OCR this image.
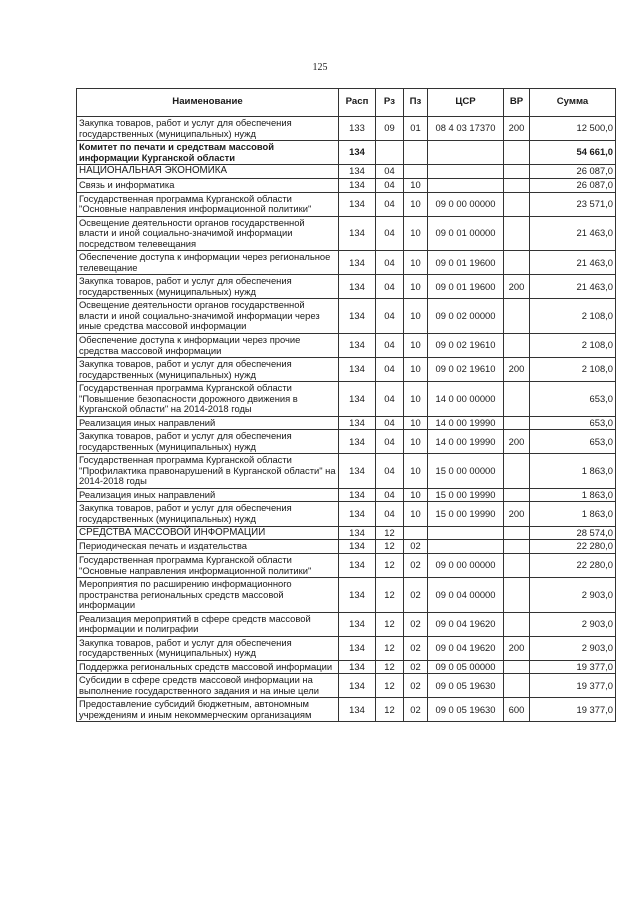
125
Наименование	Расп	Рз	Пз	ЦСР	ВР	Сумма
Закупка товаров, работ и услуг для обеспечения государственных (муниципальных) нужд	133	09	01	08 4 03 17370	200	12 500,0
Комитет по печати и средствам массовой информации Курганской области	134					54 661,0
НАЦИОНАЛЬНАЯ ЭКОНОМИКА	134	04				26 087,0
Связь и информатика	134	04	10			26 087,0
Государственная программа Курганской области "Основные направления информационной политики"	134	04	10	09 0 00 00000		23 571,0
Освещение деятельности органов государственной власти и иной социально-значимой информации посредством телевещания	134	04	10	09 0 01 00000		21 463,0
Обеспечение доступа к информации через региональное телевещание	134	04	10	09 0 01 19600		21 463,0
Закупка товаров, работ и услуг для обеспечения государственных (муниципальных) нужд	134	04	10	09 0 01 19600	200	21 463,0
Освещение деятельности органов государственной власти и иной социально-значимой информации через иные средства массовой информации	134	04	10	09 0 02 00000		2 108,0
Обеспечение доступа к информации через прочие средства массовой информации	134	04	10	09 0 02 19610		2 108,0
Закупка товаров, работ и услуг для обеспечения государственных (муниципальных) нужд	134	04	10	09 0 02 19610	200	2 108,0
Государственная программа Курганской области "Повышение безопасности дорожного движения в Курганской области" на 2014-2018 годы	134	04	10	14 0 00 00000		653,0
Реализация иных направлений	134	04	10	14 0 00 19990		653,0
Закупка товаров, работ и услуг для обеспечения государственных (муниципальных) нужд	134	04	10	14 0 00 19990	200	653,0
Государственная программа Курганской области "Профилактика правонарушений в Курганской области" на 2014-2018 годы	134	04	10	15 0 00 00000		1 863,0
Реализация иных направлений	134	04	10	15 0 00 19990		1 863,0
Закупка товаров, работ и услуг для обеспечения государственных (муниципальных) нужд	134	04	10	15 0 00 19990	200	1 863,0
СРЕДСТВА МАССОВОЙ ИНФОРМАЦИИ	134	12				28 574,0
Периодическая печать и издательства	134	12	02			22 280,0
Государственная программа Курганской области "Основные направления информационной политики"	134	12	02	09 0 00 00000		22 280,0
Мероприятия по расширению информационного пространства региональных средств массовой информации	134	12	02	09 0 04 00000		2 903,0
Реализация мероприятий в сфере средств массовой информации и полиграфии	134	12	02	09 0 04 19620		2 903,0
Закупка товаров, работ и услуг для обеспечения государственных (муниципальных) нужд	134	12	02	09 0 04 19620	200	2 903,0
Поддержка региональных средств массовой информации	134	12	02	09 0 05 00000		19 377,0
Субсидии в сфере средств массовой информации на выполнение государственного задания и на иные цели	134	12	02	09 0 05 19630		19 377,0
Предоставление субсидий бюджетным, автономным учреждениям и иным некоммерческим организациям	134	12	02	09 0 05 19630	600	19 377,0
